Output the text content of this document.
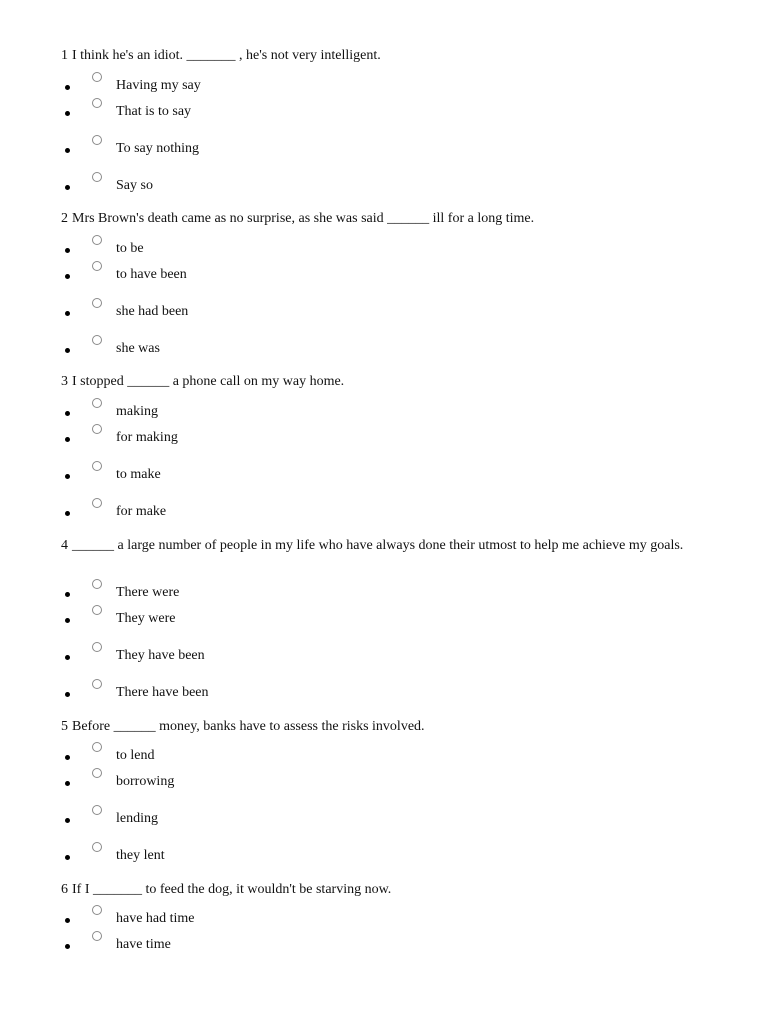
1 I think he's an idiot. _______ , he's not very intelligent.
Having my say
That is to say
To say nothing
Say so
2 Mrs Brown's death came as no surprise, as she was said ______ ill for a long time.
to be
to have been
she had been
she was
3 I stopped ______ a phone call on my way home.
making
for making
to make
for make
4 ______ a large number of people in my life who have always done their utmost to help me achieve my goals.
There were
They were
They have been
There have been
5 Before ______ money, banks have to assess the risks involved.
to lend
borrowing
lending
they lent
6 If I _______ to feed the dog, it wouldn't be starving now.
have had time
have time
